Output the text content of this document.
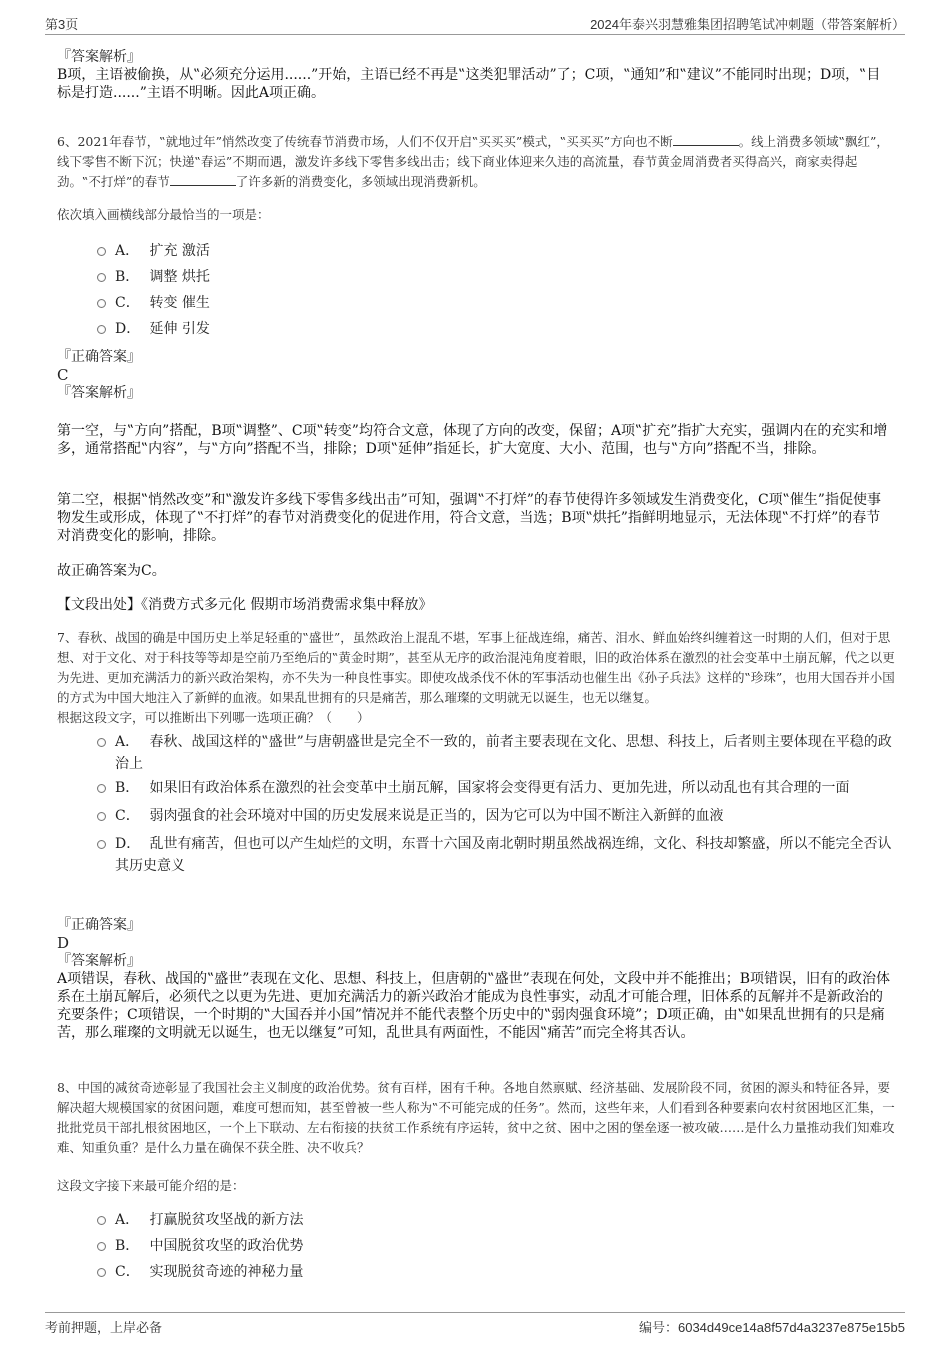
第3页	2024年泰兴羽慧雅集团招聘笔试冲刺题（带答案解析）
『答案解析』
B项，主语被偷换，从‟必须充分运用......”开始，主语已经不再是‟这类犯罪活动”了；C项，‟通知”和‟建议”不能同时出现；D项，‟目标是打造......”主语不明晰。因此A项正确。
6、2021年春节，‟就地过年”悄然改变了传统春节消费市场，人们不仅开启‟买买买”模式，‟买买买”方向也不断	。线上消费多领域‟飘红”，线下零售不断下沉；快递‟春运”不期而遇，激发许多线下零售多线出击；线下商业体迎来久违的高流量，春节黄金周消费者买得高兴，商家卖得起劲。‟不打烊”的春节	了许多新的消费变化，多领域出现消费新机。
依次填入画横线部分最恰当的一项是：
A． 扩充 激活
B． 调整 烘托
C． 转变 催生
D． 延伸 引发
『正确答案』
C
『答案解析』
第一空，与‟方向”搭配，B项‟调整”、C项‟转变”均符合文意，体现了方向的改变，保留；A项‟扩充”指扩大充实，强调内在的充实和增多，通常搭配‟内容”，与‟方向”搭配不当，排除；D项‟延伸”指延长，扩大宽度、大小、范围，也与‟方向”搭配不当，排除。
第二空，根据‟悄然改变”和‟激发许多线下零售多线出击”可知，强调‟不打烊”的春节使得许多领域发生消费变化，C项‟催生”指促使事物发生或形成，体现了‟不打烊”的春节对消费变化的促进作用，符合文意，当选；B项‟烘托”指鲜明地显示，无法体现‟不打烊”的春节对消费变化的影响，排除。
故正确答案为C。
【文段出处】《消费方式多元化 假期市场消费需求集中释放》
7、春秋、战国的确是中国历史上举足轻重的‟盛世”，虽然政治上混乱不堪，军事上征战连绵，痛苦、泪水、鲜血始终纠缠着这一时期的人们，但对于思想、对于文化、对于科技等等却是空前乃至绝后的‟黄金时期”，甚至从无序的政治混沌角度着眼，旧的政治体系在激烈的社会变革中土崩瓦解，代之以更为先进、更加充满活力的新兴政治架构，亦不失为一种良性事实。即使攻战杀伐不休的军事活动也催生出《孙子兵法》这样的‟珍珠”，也用大国吞并小国的方式为中国大地注入了新鲜的血液。如果乱世拥有的只是痛苦，那么璀璨的文明就无以诞生，也无以继复。
根据这段文字，可以推断出下列哪一选项正确？（　　）
A． 春秋、战国这样的‟盛世”与唐朝盛世是完全不一致的，前者主要表现在文化、思想、科技上，后者则主要体现在平稳的政治上
B． 如果旧有政治体系在激烈的社会变革中土崩瓦解，国家将会变得更有活力、更加先进，所以动乱也有其合理的一面
C． 弱肉强食的社会环境对中国的历史发展来说是正当的，因为它可以为中国不断注入新鲜的血液
D． 乱世有痛苦，但也可以产生灿烂的文明，东晋十六国及南北朝时期虽然战祸连绵，文化、科技却繁盛，所以不能完全否认其历史意义
『正确答案』
D
『答案解析』
A项错误，春秋、战国的‟盛世”表现在文化、思想、科技上，但唐朝的‟盛世”表现在何处，文段中并不能推出；B项错误，旧有的政治体系在土崩瓦解后，必须代之以更为先进、更加充满活力的新兴政治才能成为良性事实，动乱才可能合理，旧体系的瓦解并不是新政治的充要条件；C项错误，一个时期的‟大国吞并小国”情况并不能代表整个历史中的‟弱肉强食环境”；D项正确，由‟如果乱世拥有的只是痛苦，那么璀璨的文明就无以诞生，也无以继复”可知，乱世具有两面性，不能因‟痛苦”而完全将其否认。
8、中国的减贫奇迹彰显了我国社会主义制度的政治优势。贫有百样，困有千种。各地自然禀赋、经济基础、发展阶段不同，贫困的源头和特征各异，要解决超大规模国家的贫困问题，难度可想而知，甚至曾被一些人称为‟不可能完成的任务”。然而，这些年来，人们看到各种要素向农村贫困地区汇集，一批批党员干部扎根贫困地区，一个上下联动、左右衔接的扶贫工作系统有序运转，贫中之贫、困中之困的堡垒逐一被攻破……是什么力量推动我们知难攻难、知重负重？是什么力量在确保不获全胜、决不收兵？
这段文字接下来最可能介绍的是：
A． 打赢脱贫攻坚战的新方法
B． 中国脱贫攻坚的政治优势
C． 实现脱贫奇迹的神秘力量
考前押题，上岸必备	编号：6034d49ce14a8f57d4a3237e875e15b5
